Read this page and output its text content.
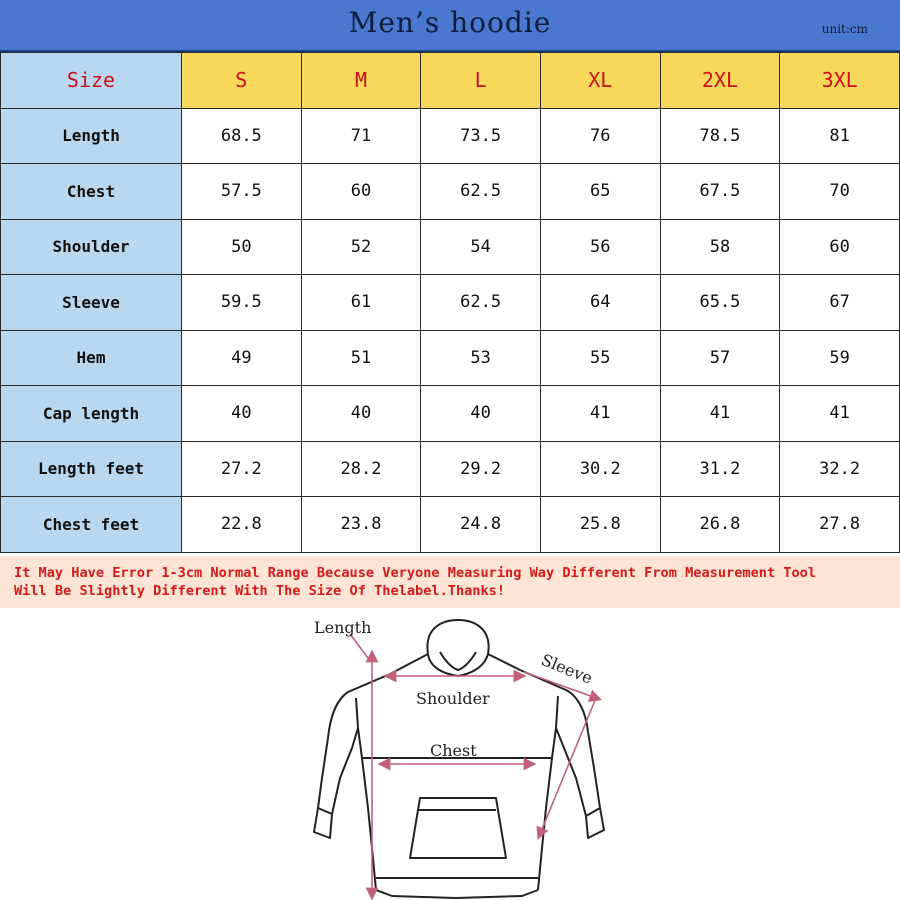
Men’s hoodie	unit:cm
Size	S	M	L	XL	2XL	3XL
Length	68.5	71	73.5	76	78.5	81
Chest	57.5	60	62.5	65	67.5	70
Shoulder	50	52	54	56	58	60
Sleeve	59.5	61	62.5	64	65.5	67
Hem	49	51	53	55	57	59
Cap length	40	40	40	41	41	41
Length feet	27.2	28.2	29.2	30.2	31.2	32.2
Chest feet	22.8	23.8	24.8	25.8	26.8	27.8
It May Have Error 1-3cm Normal Range Because Veryone Measuring Way Different From Measurement Tool
Will Be Slightly Different With The Size Of Thelabel.Thanks!
Length
Shoulder
Chest
Sleeve
